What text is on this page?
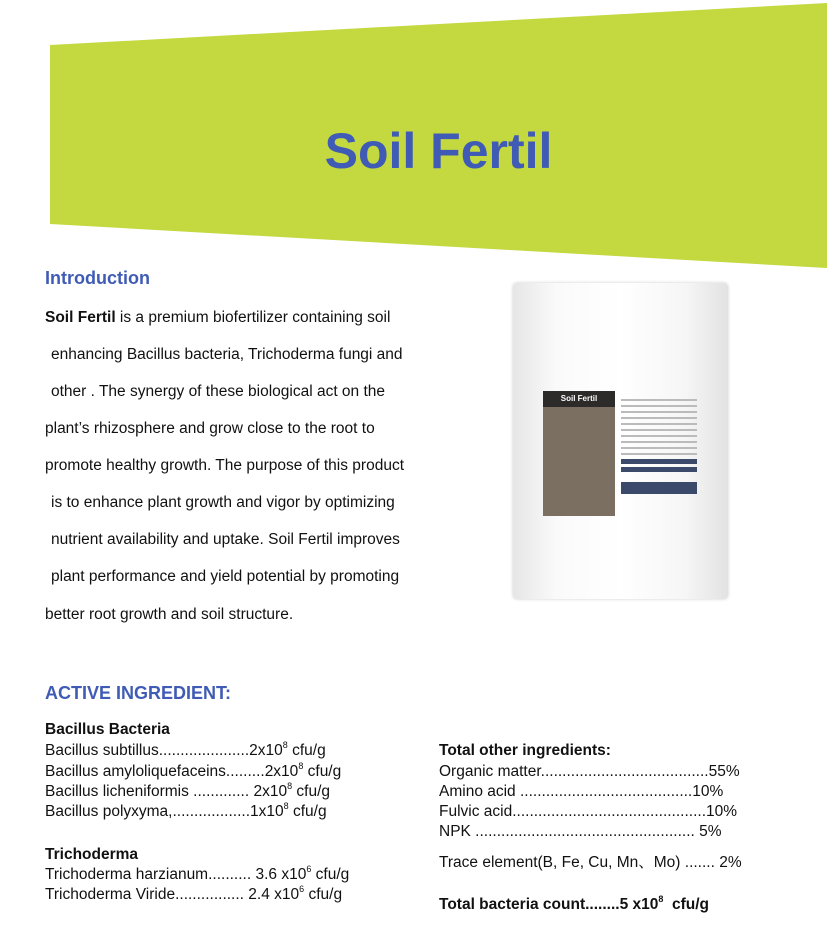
Soil Fertil
Introduction
Soil Fertil is a premium biofertilizer containing soil
enhancing Bacillus bacteria, Trichoderma fungi and
other . The synergy of these biological act on the
plant’s rhizosphere and grow close to the root to
promote healthy growth. The purpose of this product
is to enhance plant growth and vigor by optimizing
nutrient availability and uptake. Soil Fertil improves
plant performance and yield potential by promoting
better root growth and soil structure.
Soil Fertil
ACTIVE INGREDIENT:
Bacillus Bacteria
Bacillus $subtillus.....................2x10^8$ cfu/g
Bacillus $amyloliquefaceins.........2x10^8$ cfu/g
Bacillus licheniformis ............. $2x10^8$ cfu/g
Bacillus $polyxyma,..................1x10^8$ cfu/g
Trichoderma
Trichoderma harzianum.......... 3.6 $x10^6$ cfu/g
Trichoderma Viride................ 2.4 $x10^6$ cfu/g
Total other ingredients:
Organic matter.......................................55%
Amino acid ........................................10%
Fulvic acid.............................................10%
NPK ................................................... 5%
Trace element(B, Fe, Cu, Mn、Mo) ....... 2%
Total bacteria count........5 $x10^8$  cfu/g
